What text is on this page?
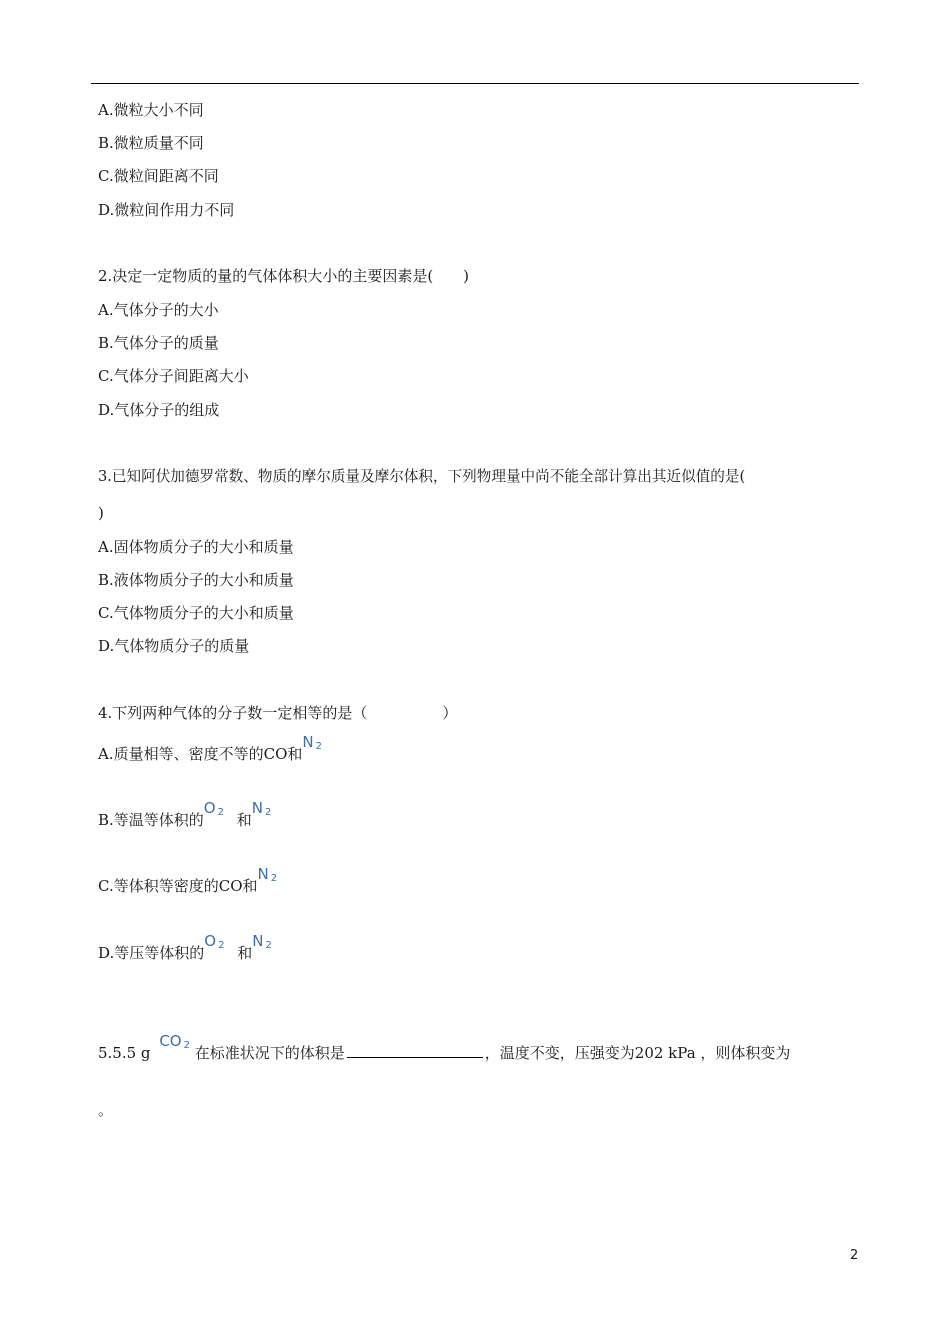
A.微粒大小不同
B.微粒质量不同
C.微粒间距离不同
D.微粒间作用力不同
2.决定一定物质的量的气体体积大小的主要因素是(　　)
A.气体分子的大小
B.气体分子的质量
C.气体分子间距离大小
D.气体分子的组成
3.已知阿伏加德罗常数、物质的摩尔质量及摩尔体积，下列物理量中尚不能全部计算出其近似值的是(
)
A.固体物质分子的大小和质量
B.液体物质分子的大小和质量
C.气体物质分子的大小和质量
D.气体物质分子的质量
4.下列两种气体的分子数一定相等的是（　　　　　）
A.质量相等、密度不等的CO和N $_2$
B.等温等体积的O $_2$ 和N $_2$
C.等体积等密度的CO和N $_2$
D.等压等体积的O $_2$ 和N $_2$
5.5.5 g CO $_2$ 在标准状况下的体积是	，温度不变，压强变为202 kPa ，则体积变为
。
2
